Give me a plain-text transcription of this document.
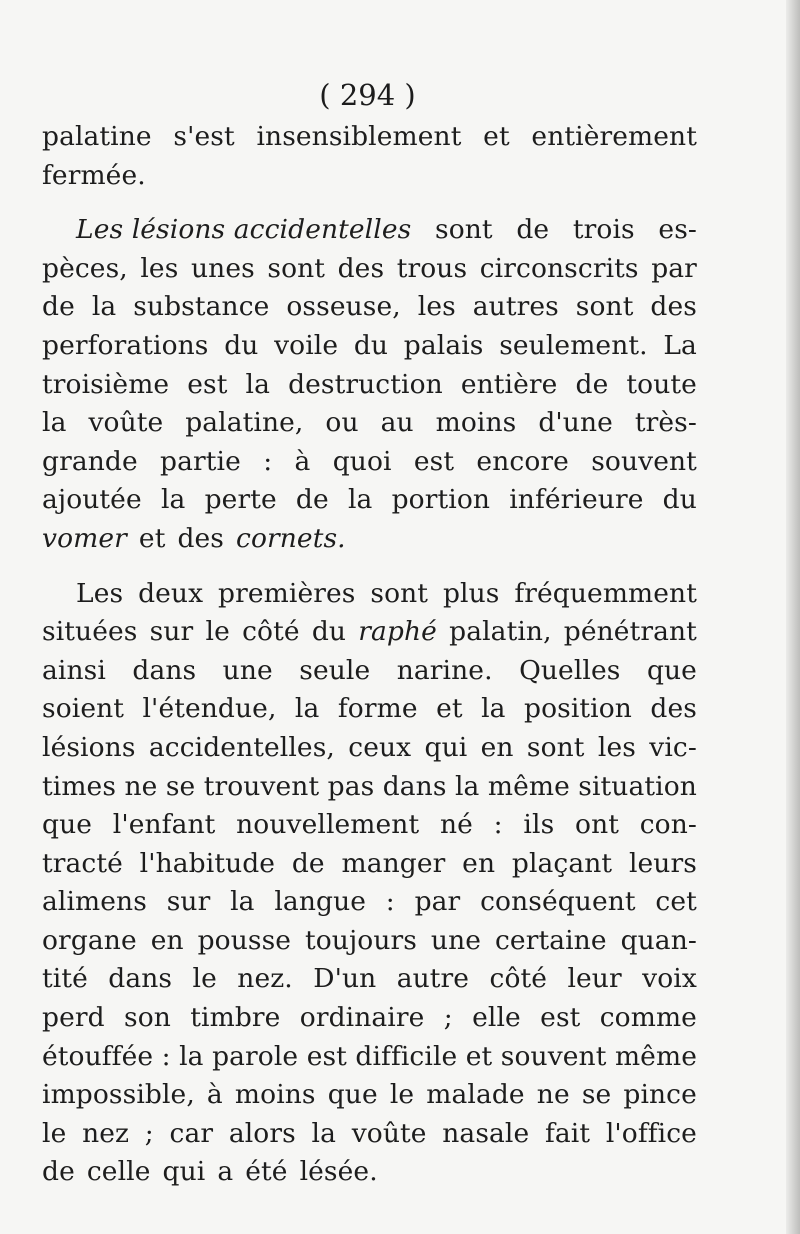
( 294 )
palatine s'est insensiblement et entièrement
fermée.
Les lésions accidentelles sont de trois es-
pèces, les unes sont des trous circonscrits par
de la substance osseuse, les autres sont des
perforations du voile du palais seulement. La
troisième est la destruction entière de toute
la voûte palatine, ou au moins d'une très-
grande partie : à quoi est encore souvent
ajoutée la perte de la portion inférieure du
vomer et des cornets.
Les deux premières sont plus fréquemment
situées sur le côté du raphé palatin, pénétrant
ainsi dans une seule narine. Quelles que
soient l'étendue, la forme et la position des
lésions accidentelles, ceux qui en sont les vic-
times ne se trouvent pas dans la même situation
que l'enfant nouvellement né : ils ont con-
tracté l'habitude de manger en plaçant leurs
alimens sur la langue : par conséquent cet
organe en pousse toujours une certaine quan-
tité dans le nez. D'un autre côté leur voix
perd son timbre ordinaire ; elle est comme
étouffée : la parole est difficile et souvent même
impossible, à moins que le malade ne se pince
le nez ; car alors la voûte nasale fait l'office
de celle qui a été lésée.
